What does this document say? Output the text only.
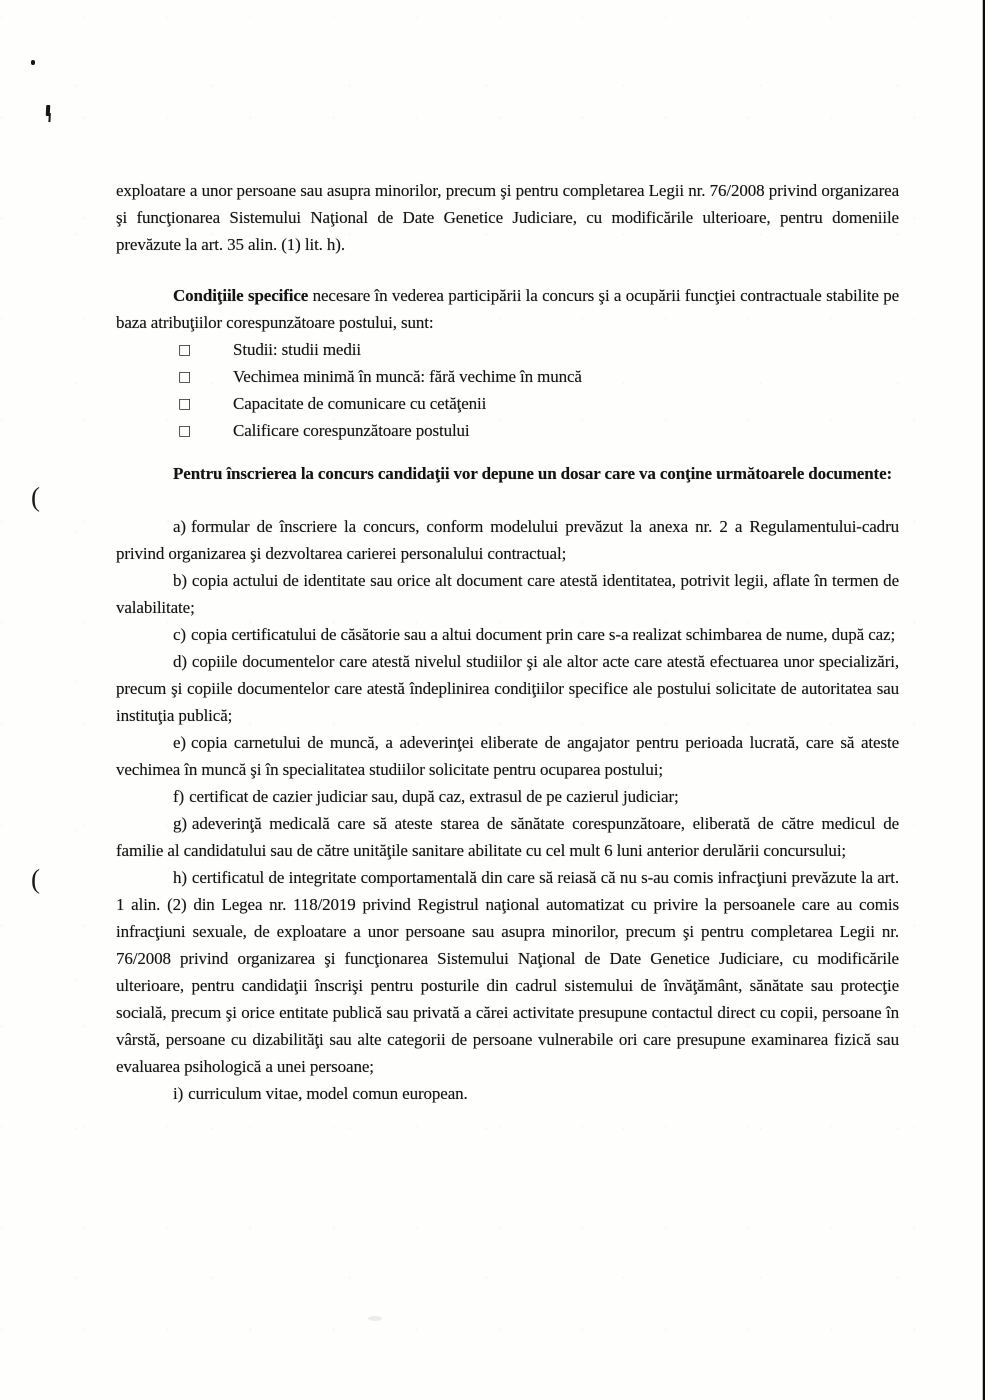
(
(

exploatare a unor persoane sau asupra minorilor, precum şi pentru completarea Legii nr. 76/2008 privind organizarea şi funcţionarea Sistemului Naţional de Date Genetice Judiciare, cu modificările ulterioare, pentru domeniile prevăzute la art. 35 alin. (1) lit. h).

Condiţiile specifice necesare în vederea participării la concurs şi a ocupării funcţiei contractuale stabilite pe baza atribuţiilor corespunzătoare postului, sunt:

□ Studii: studii medii

□ Vechimea minimă în muncă: fără vechime în muncă

□ Capacitate de comunicare cu cetăţenii

□ Calificare corespunzătoare postului

Pentru înscrierea la concurs candidaţii vor depune un dosar care va conţine următoarele documente:

a) formular de înscriere la concurs, conform modelului prevăzut la anexa nr. 2 a Regulamentului-cadru privind organizarea şi dezvoltarea carierei personalului contractual;

b) copia actului de identitate sau orice alt document care atestă identitatea, potrivit legii, aflate în termen de valabilitate;

c) copia certificatului de căsătorie sau a altui document prin care s-a realizat schimbarea de nume, după caz;

d) copiile documentelor care atestă nivelul studiilor şi ale altor acte care atestă efectuarea unor specializări, precum şi copiile documentelor care atestă îndeplinirea condiţiilor specifice ale postului solicitate de autoritatea sau instituţia publică;

e) copia carnetului de muncă, a adeverinţei eliberate de angajator pentru perioada lucrată, care să ateste vechimea în muncă şi în specialitatea studiilor solicitate pentru ocuparea postului;

f) certificat de cazier judiciar sau, după caz, extrasul de pe cazierul judiciar;

g) adeverinţă medicală care să ateste starea de sănătate corespunzătoare, eliberată de către medicul de familie al candidatului sau de către unităţile sanitare abilitate cu cel mult 6 luni anterior derulării concursului;

h) certificatul de integritate comportamentală din care să reiasă că nu s-au comis infracţiuni prevăzute la art. 1 alin. (2) din Legea nr. 118/2019 privind Registrul naţional automatizat cu privire la persoanele care au comis infracţiuni sexuale, de exploatare a unor persoane sau asupra minorilor, precum şi pentru completarea Legii nr. 76/2008 privind organizarea şi funcţionarea Sistemului Naţional de Date Genetice Judiciare, cu modificările ulterioare, pentru candidaţii înscrişi pentru posturile din cadrul sistemului de învăţământ, sănătate sau protecţie socială, precum şi orice entitate publică sau privată a cărei activitate presupune contactul direct cu copii, persoane în vârstă, persoane cu dizabilităţi sau alte categorii de persoane vulnerabile ori care presupune examinarea fizică sau evaluarea psihologică a unei persoane;

i) curriculum vitae, model comun european.
